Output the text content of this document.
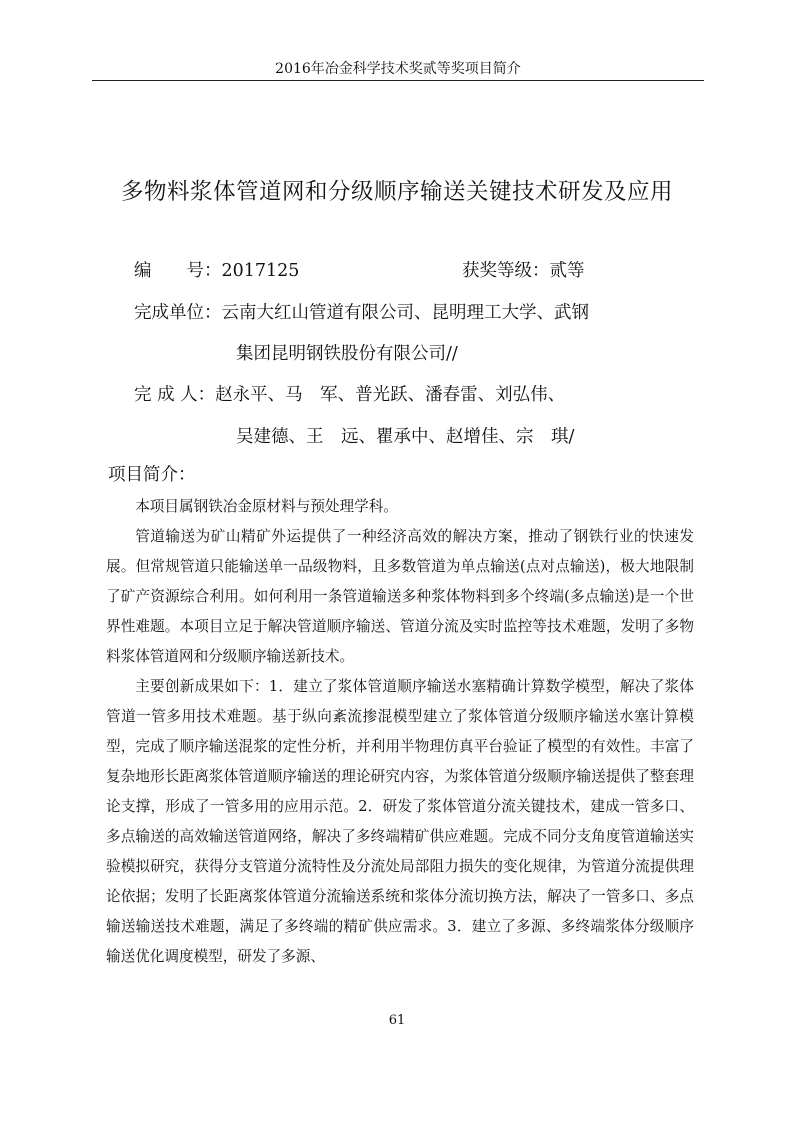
2016年冶金科学技术奖贰等奖项目简介
多物料浆体管道网和分级顺序输送关键技术研发及应用
编　　号：2017125	获奖等级：贰等
完成单位：云南大红山管道有限公司、昆明理工大学、武钢
集团昆明钢铁股份有限公司//
完 成 人：赵永平、马　军、普光跃、潘春雷、刘弘伟、
吴建德、王　远、瞿承中、赵增佳、宗　琪/
项目简介：

本项目属钢铁冶金原材料与预处理学科。

管道输送为矿山精矿外运提供了一种经济高效的解决方案，推动了钢铁行业的快速发展。但常规管道只能输送单一品级物料，且多数管道为单点输送(点对点输送)，极大地限制了矿产资源综合利用。如何利用一条管道输送多种浆体物料到多个终端(多点输送)是一个世界性难题。本项目立足于解决管道顺序输送、管道分流及实时监控等技术难题，发明了多物料浆体管道网和分级顺序输送新技术。

主要创新成果如下：1．建立了浆体管道顺序输送水塞精确计算数学模型，解决了浆体管道一管多用技术难题。基于纵向紊流掺混模型建立了浆体管道分级顺序输送水塞计算模型，完成了顺序输送混浆的定性分析，并利用半物理仿真平台验证了模型的有效性。丰富了复杂地形长距离浆体管道顺序输送的理论研究内容，为浆体管道分级顺序输送提供了整套理论支撑，形成了一管多用的应用示范。2．研发了浆体管道分流关键技术，建成一管多口、多点输送的高效输送管道网络，解决了多终端精矿供应难题。完成不同分支角度管道输送实验模拟研究，获得分支管道分流特性及分流处局部阻力损失的变化规律，为管道分流提供理论依据；发明了长距离浆体管道分流输送系统和浆体分流切换方法，解决了一管多口、多点输送输送技术难题，满足了多终端的精矿供应需求。3．建立了多源、多终端浆体分级顺序输送优化调度模型，研发了多源、

61
